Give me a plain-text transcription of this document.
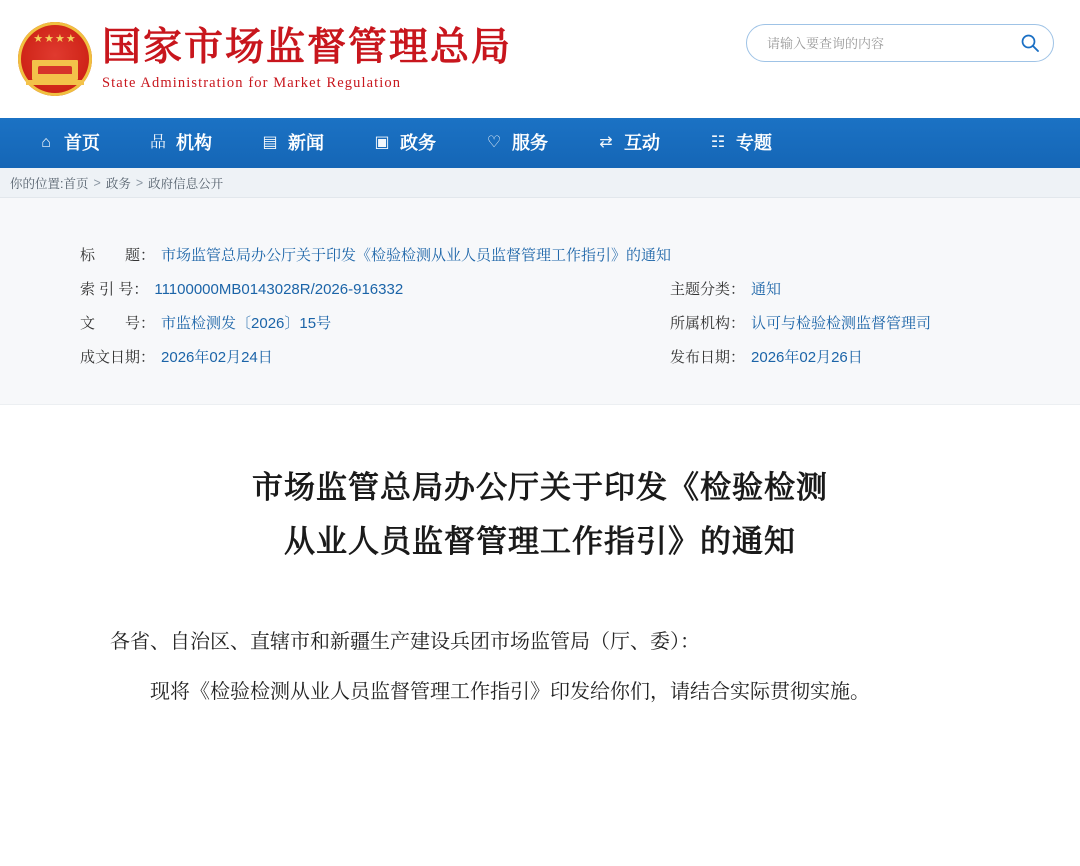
★★★★ 国家市场监督管理总局
State Administration for Market Regulation
请输入要查询的内容
⌂ 首页	品 机构	▤ 新闻	▣ 政务	♡ 服务	⇄ 互动	☷ 专题
你的位置: 首页 > 政务 > 政府信息公开
标　　题： 市场监管总局办公厅关于印发《检验检测从业人员监督管理工作指引》的通知
索 引 号： 11100000MB0143028R/2026-916332	主题分类： 通知
文　　号： 市监检测发〔2026〕15号	所属机构： 认可与检验检测监督管理司
成文日期： 2026年02月24日	发布日期： 2026年02月26日
市场监管总局办公厅关于印发《检验检测
从业人员监督管理工作指引》的通知

各省、自治区、直辖市和新疆生产建设兵团市场监管局（厅、委）：

现将《检验检测从业人员监督管理工作指引》印发给你们，请结合实际贯彻实施。
